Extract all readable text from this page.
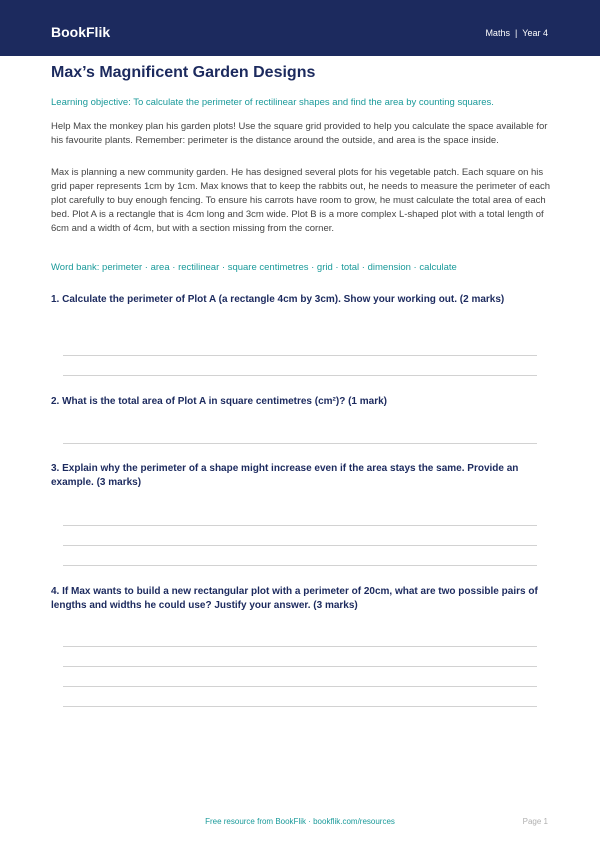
BookFlik	Maths | Year 4
Max’s Magnificent Garden Designs
Learning objective: To calculate the perimeter of rectilinear shapes and find the area by counting squares.

Help Max the monkey plan his garden plots! Use the square grid provided to help you calculate the space available for his favourite plants. Remember: perimeter is the distance around the outside, and area is the space inside.

Max is planning a new community garden. He has designed several plots for his vegetable patch. Each square on his grid paper represents 1cm by 1cm. Max knows that to keep the rabbits out, he needs to measure the perimeter of each plot carefully to buy enough fencing. To ensure his carrots have room to grow, he must calculate the total area of each bed. Plot A is a rectangle that is 4cm long and 3cm wide. Plot B is a more complex L-shaped plot with a total length of 6cm and a width of 4cm, but with a section missing from the corner.

Word bank: perimeter · area · rectilinear · square centimetres · grid · total · dimension · calculate

1. Calculate the perimeter of Plot A (a rectangle 4cm by 3cm). Show your working out. (2 marks)

2. What is the total area of Plot A in square centimetres (cm²)? (1 mark)

3. Explain why the perimeter of a shape might increase even if the area stays the same. Provide an example. (3 marks)

4. If Max wants to build a new rectangular plot with a perimeter of 20cm, what are two possible pairs of lengths and widths he could use? Justify your answer. (3 marks)

Free resource from BookFlik · bookflik.com/resources	Page 1
